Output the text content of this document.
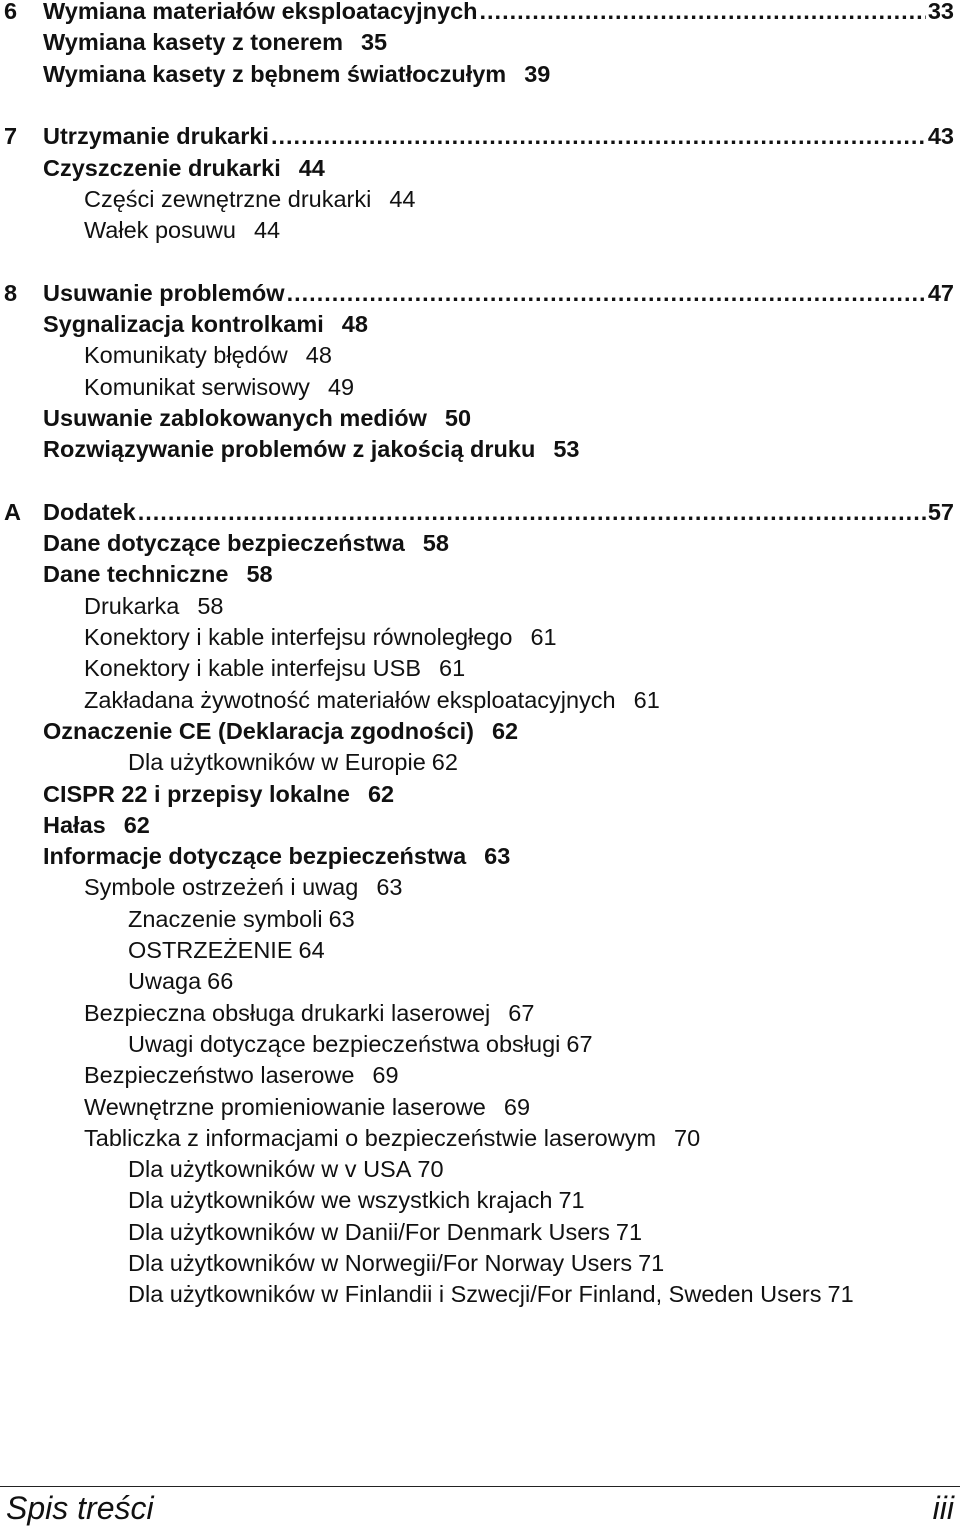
6	Wymiana materiałów eksploatacyjnych .....	33
Wymiana kasety z tonerem 35
Wymiana kasety z bębnem światłoczułym 39
7	Utrzymanie drukarki .....	43
Czyszczenie drukarki 44
Części zewnętrzne drukarki 44
Wałek posuwu 44
8	Usuwanie problemów .....	47
Sygnalizacja kontrolkami 48
Komunikaty błędów 48
Komunikat serwisowy 49
Usuwanie zablokowanych mediów 50
Rozwiązywanie problemów z jakością druku 53
A Dodatek .....	57
Dane dotyczące bezpieczeństwa 58
Dane techniczne 58
Drukarka 58
Konektory i kable interfejsu równoległego 61
Konektory i kable interfejsu USB 61
Zakładana żywotność materiałów eksploatacyjnych 61
Oznaczenie CE (Deklaracja zgodności) 62
Dla użytkowników w Europie 62
CISPR 22 i przepisy lokalne 62
Hałas 62
Informacje dotyczące bezpieczeństwa 63
Symbole ostrzeżeń i uwag 63
Znaczenie symboli 63
OSTRZEŻENIE 64
Uwaga 66
Bezpieczna obsługa drukarki laserowej 67
Uwagi dotyczące bezpieczeństwa obsługi 67
Bezpieczeństwo laserowe 69
Wewnętrzne promieniowanie laserowe 69
Tabliczka z informacjami o bezpieczeństwie laserowym 70
Dla użytkowników w v USA 70
Dla użytkowników we wszystkich krajach 71
Dla użytkowników w Danii/For Denmark Users 71
Dla użytkowników w Norwegii/For Norway Users 71
Dla użytkowników w Finlandii i Szwecji/For Finland, Sweden Users 71
Spis treści	iii
